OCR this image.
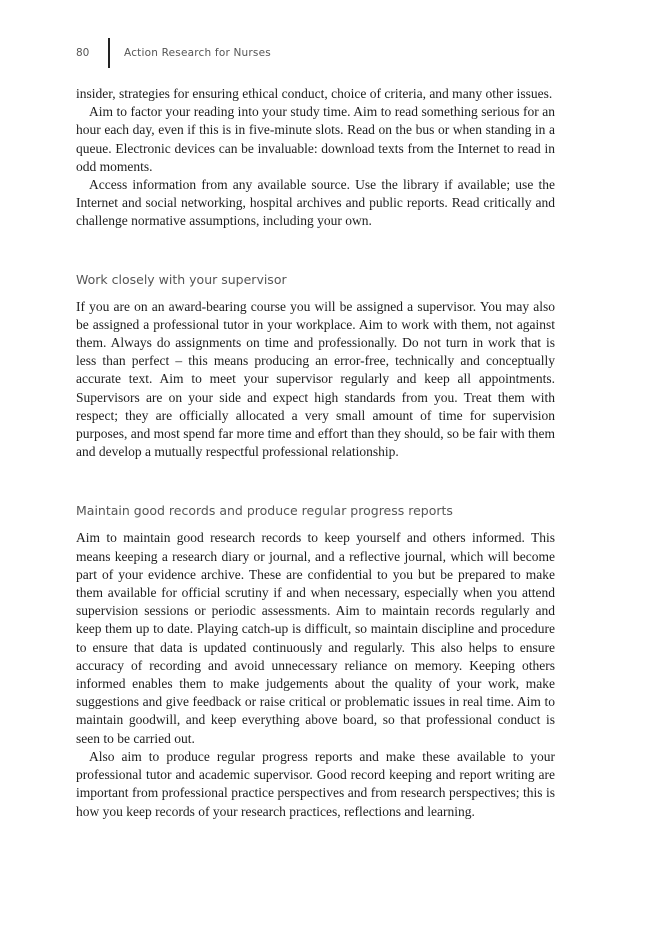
80	Action Research for Nurses

insider, strategies for ensuring ethical conduct, choice of criteria, and many other issues.

Aim to factor your reading into your study time. Aim to read something serious for an hour each day, even if this is in five-minute slots. Read on the bus or when standing in a queue. Electronic devices can be invaluable: download texts from the Internet to read in odd moments.

Access information from any available source. Use the library if available; use the Internet and social networking, hospital archives and public reports. Read critically and challenge normative assumptions, including your own.

Work closely with your supervisor

If you are on an award-bearing course you will be assigned a supervisor. You may also be assigned a professional tutor in your workplace. Aim to work with them, not against them. Always do assignments on time and professionally. Do not turn in work that is less than perfect – this means producing an error-free, technically and conceptually accurate text. Aim to meet your supervisor regularly and keep all appointments. Supervisors are on your side and expect high standards from you. Treat them with respect; they are officially allocated a very small amount of time for supervision purposes, and most spend far more time and effort than they should, so be fair with them and develop a mutually respectful professional relationship.

Maintain good records and produce regular progress reports

Aim to maintain good research records to keep yourself and others informed. This means keeping a research diary or journal, and a reflective journal, which will become part of your evidence archive. These are confidential to you but be prepared to make them available for official scrutiny if and when necessary, especially when you attend supervision sessions or periodic assessments. Aim to maintain records regularly and keep them up to date. Playing catch-up is difficult, so maintain discipline and procedure to ensure that data is updated continuously and regularly. This also helps to ensure accuracy of recording and avoid unnecessary reliance on memory. Keeping others informed enables them to make judgements about the quality of your work, make suggestions and give feedback or raise critical or problematic issues in real time. Aim to maintain goodwill, and keep everything above board, so that professional conduct is seen to be carried out.

Also aim to produce regular progress reports and make these available to your professional tutor and academic supervisor. Good record keeping and report writing are important from professional practice perspectives and from research perspectives; this is how you keep records of your research practices, reflections and learning.
